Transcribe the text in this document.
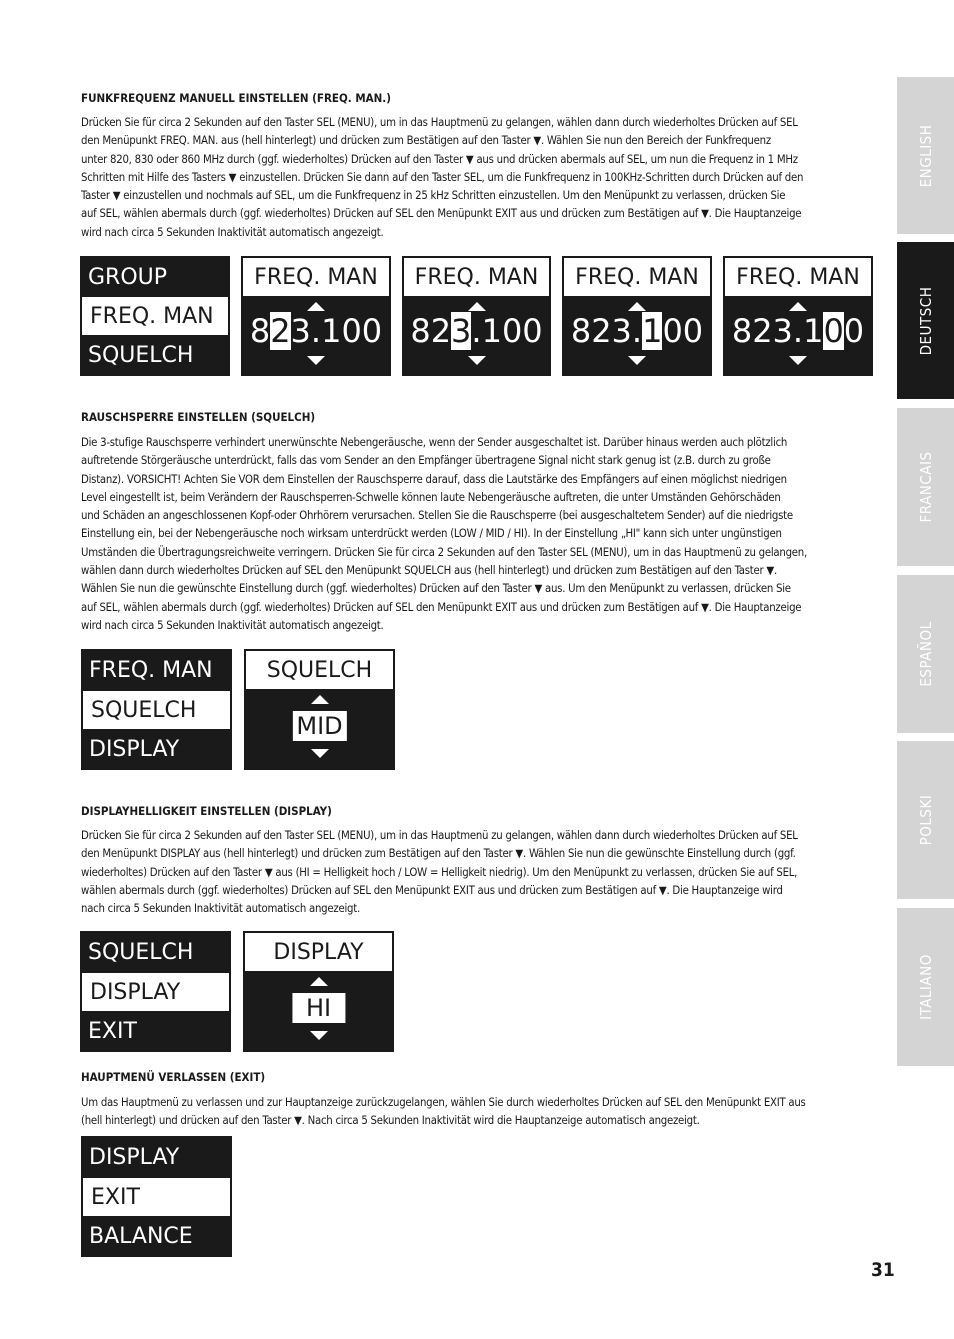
ENGLISH
DEUTSCH
FRANCAIS
ESPAÑOL
POLSKI
ITALIANO
FUNKFREQUENZ MANUELL EINSTELLEN (FREQ. MAN.)
Drücken Sie für circa 2 Sekunden auf den Taster SEL (MENU), um in das Hauptmenü zu gelangen, wählen dann durch wiederholtes Drücken auf SEL
den Menüpunkt FREQ. MAN. aus (hell hinterlegt) und drücken zum Bestätigen auf den Taster ▼. Wählen Sie nun den Bereich der Funkfrequenz
unter 820, 830 oder 860 MHz durch (ggf. wiederholtes) Drücken auf den Taster ▼ aus und drücken abermals auf SEL, um nun die Frequenz in 1 MHz
Schritten mit Hilfe des Tasters ▼ einzustellen. Drücken Sie dann auf den Taster SEL, um die Funkfrequenz in 100KHz-Schritten durch Drücken auf den
Taster ▼ einzustellen und nochmals auf SEL, um die Funkfrequenz in 25 kHz Schritten einzustellen. Um den Menüpunkt zu verlassen, drücken Sie
auf SEL, wählen abermals durch (ggf. wiederholtes) Drücken auf SEL den Menüpunkt EXIT aus und drücken zum Bestätigen auf ▼. Die Hauptanzeige
wird nach circa 5 Sekunden Inaktivität automatisch angezeigt.
GROUP
FREQ. MAN
SQUELCH
FREQ. MAN
823.100
FREQ. MAN
823.100
FREQ. MAN
823.100
FREQ. MAN
823.100
RAUSCHSPERRE EINSTELLEN (SQUELCH)
Die 3-stufige Rauschsperre verhindert unerwünschte Nebengeräusche, wenn der Sender ausgeschaltet ist. Darüber hinaus werden auch plötzlich
auftretende Störgeräusche unterdrückt, falls das vom Sender an den Empfänger übertragene Signal nicht stark genug ist (z.B. durch zu große
Distanz). VORSICHT! Achten Sie VOR dem Einstellen der Rauschsperre darauf, dass die Lautstärke des Empfängers auf einen möglichst niedrigen
Level eingestellt ist, beim Verändern der Rauschsperren-Schwelle können laute Nebengeräusche auftreten, die unter Umständen Gehörschäden
und Schäden an angeschlossenen Kopf-oder Ohrhörern verursachen. Stellen Sie die Rauschsperre (bei ausgeschaltetem Sender) auf die niedrigste
Einstellung ein, bei der Nebengeräusche noch wirksam unterdrückt werden (LOW / MID / HI). In der Einstellung „HI" kann sich unter ungünstigen
Umständen die Übertragungsreichweite verringern. Drücken Sie für circa 2 Sekunden auf den Taster SEL (MENU), um in das Hauptmenü zu gelangen,
wählen dann durch wiederholtes Drücken auf SEL den Menüpunkt SQUELCH aus (hell hinterlegt) und drücken zum Bestätigen auf den Taster ▼.
Wählen Sie nun die gewünschte Einstellung durch (ggf. wiederholtes) Drücken auf den Taster ▼ aus. Um den Menüpunkt zu verlassen, drücken Sie
auf SEL, wählen abermals durch (ggf. wiederholtes) Drücken auf SEL den Menüpunkt EXIT aus und drücken zum Bestätigen auf ▼. Die Hauptanzeige
wird nach circa 5 Sekunden Inaktivität automatisch angezeigt.
FREQ. MAN
SQUELCH
DISPLAY
SQUELCH
MID
DISPLAYHELLIGKEIT EINSTELLEN (DISPLAY)
Drücken Sie für circa 2 Sekunden auf den Taster SEL (MENU), um in das Hauptmenü zu gelangen, wählen dann durch wiederholtes Drücken auf SEL
den Menüpunkt DISPLAY aus (hell hinterlegt) und drücken zum Bestätigen auf den Taster ▼. Wählen Sie nun die gewünschte Einstellung durch (ggf.
wiederholtes) Drücken auf den Taster ▼ aus (HI = Helligkeit hoch / LOW = Helligkeit niedrig). Um den Menüpunkt zu verlassen, drücken Sie auf SEL,
wählen abermals durch (ggf. wiederholtes) Drücken auf SEL den Menüpunkt EXIT aus und drücken zum Bestätigen auf ▼. Die Hauptanzeige wird
nach circa 5 Sekunden Inaktivität automatisch angezeigt.
SQUELCH
DISPLAY
EXIT
DISPLAY
HI
HAUPTMENÜ VERLASSEN (EXIT)
Um das Hauptmenü zu verlassen und zur Hauptanzeige zurückzugelangen, wählen Sie durch wiederholtes Drücken auf SEL den Menüpunkt EXIT aus
(hell hinterlegt) und drücken auf den Taster ▼. Nach circa 5 Sekunden Inaktivität wird die Hauptanzeige automatisch angezeigt.
DISPLAY
EXIT
BALANCE
31
